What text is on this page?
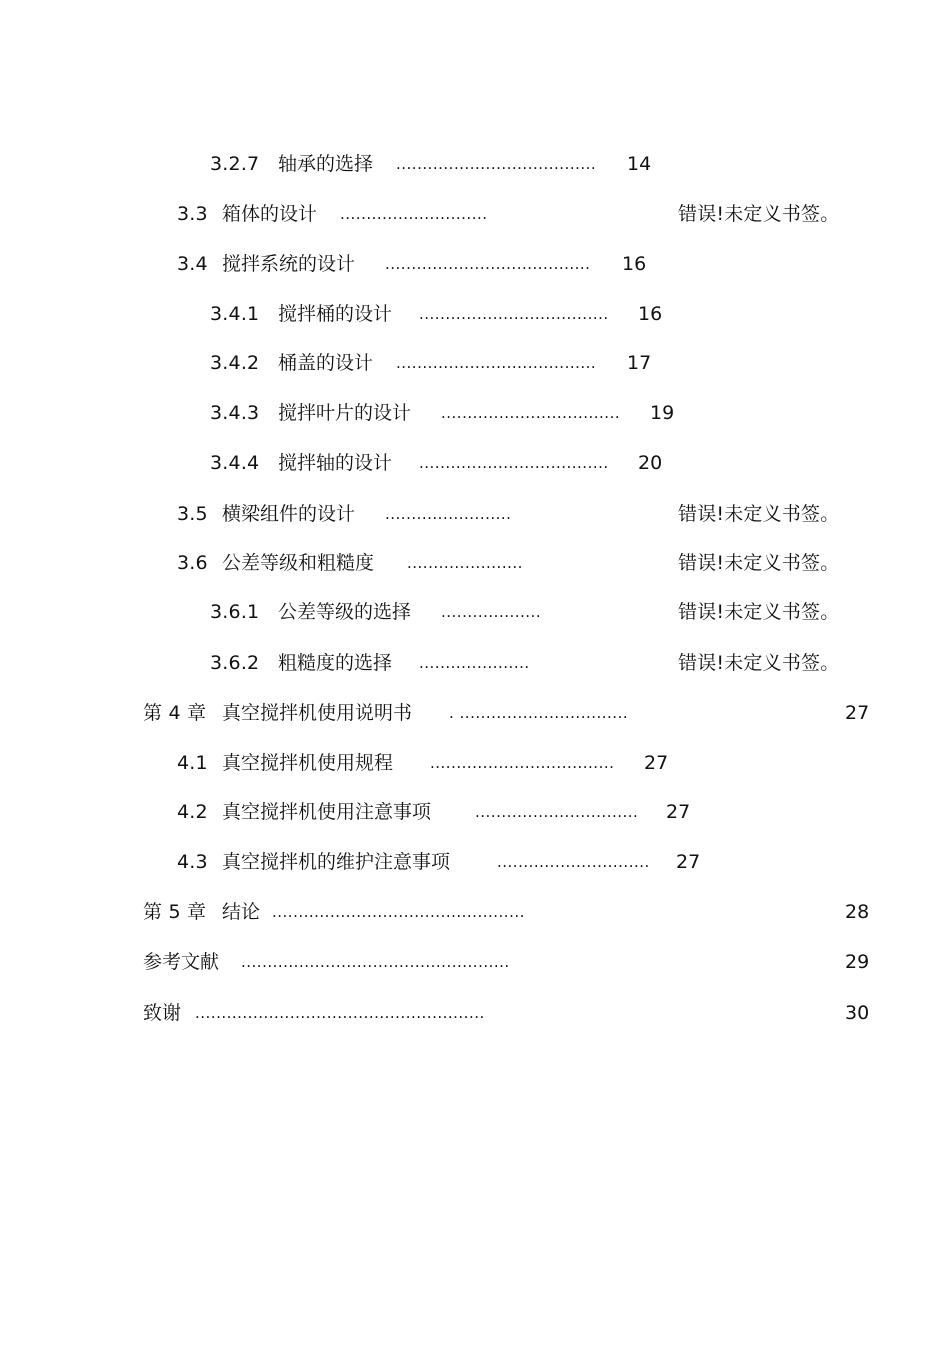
3.2.7 轴承的选择 ...................................... 14
3.3 箱体的设计 ............................	错误!未定义书签。
3.4 搅拌系统的设计 ....................................... 16
3.4.1 搅拌桶的设计 .................................... 16
3.4.2 桶盖的设计 ...................................... 17
3.4.3 搅拌叶片的设计 .................................. 19
3.4.4 搅拌轴的设计 .................................... 20
3.5 横梁组件的设计 ........................	错误!未定义书签。
3.6 公差等级和粗糙度 ......................	错误!未定义书签。
3.6.1 公差等级的选择 ...................	错误!未定义书签。
3.6.2 粗糙度的选择 .....................	错误!未定义书签。
第 4 章 真空搅拌机使用说明书 . ................................	27
4.1 真空搅拌机使用规程 ................................... 27
4.2 真空搅拌机使用注意事项	............................... 27
4.3 真空搅拌机的维护注意事项	............................. 27
第 5 章 结论 ................................................	28
参考文献 ...................................................	29
致谢 .......................................................	30
